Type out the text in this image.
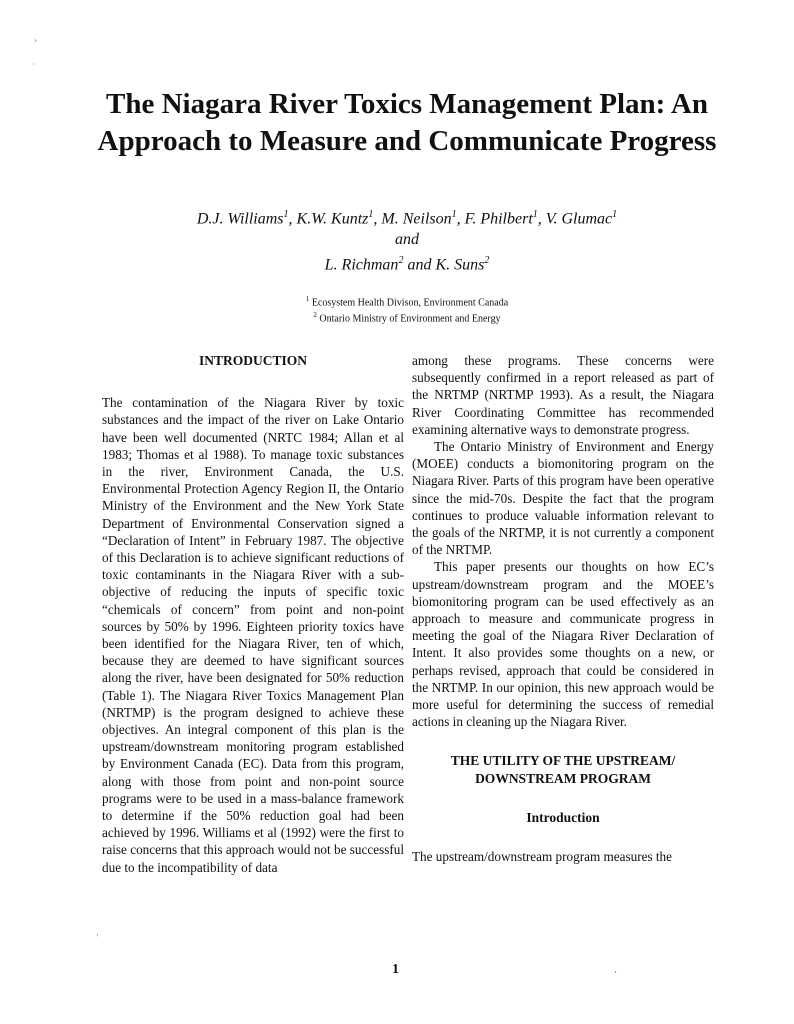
›
·
‚
·
The Niagara River Toxics Management Plan: An Approach to Measure and Communicate Progress
D.J. Williams$^1$, K.W. Kuntz$^1$, M. Neilson$^1$, F. Philbert$^1$, V. Glumac$^1$
and
L. Richman$^2$ and K. Suns$^2$
$^1$ Ecosystem Health Divison, Environment Canada
$^2$ Ontario Ministry of Environment and Energy

INTRODUCTION

The contamination of the Niagara River by toxic substances and the impact of the river on Lake Ontario have been well documented (NRTC 1984; Allan et al 1983; Thomas et al 1988). To manage toxic substances in the river, Environment Canada, the U.S. Environmental Protection Agency Region II, the Ontario Ministry of the Environment and the New York State Department of Environmental Conservation signed a “Declaration of Intent” in February 1987. The objective of this Declaration is to achieve significant reductions of toxic contaminants in the Niagara River with a sub-objective of reducing the inputs of specific toxic “chemicals of concern” from point and non-point sources by 50% by 1996. Eighteen priority toxics have been identified for the Niagara River, ten of which, because they are deemed to have significant sources along the river, have been designated for 50% reduction (Table 1). The Niagara River Toxics Management Plan (NRTMP) is the program designed to achieve these objectives. An integral component of this plan is the upstream/downstream monitoring program established by Environment Canada (EC). Data from this program, along with those from point and non-point source programs were to be used in a mass-balance framework to determine if the 50% reduction goal had been achieved by 1996. Williams et al (1992) were the first to raise concerns that this approach would not be successful due to the incompatibility of data

among these programs. These concerns were subsequently confirmed in a report released as part of the NRTMP (NRTMP 1993). As a result, the Niagara River Coordinating Committee has recommended examining alternative ways to demonstrate progress.

The Ontario Ministry of Environment and Energy (MOEE) conducts a biomonitoring program on the Niagara River. Parts of this program have been operative since the mid-70s. Despite the fact that the program continues to produce valuable information relevant to the goals of the NRTMP, it is not currently a component of the NRTMP.

This paper presents our thoughts on how EC’s upstream/downstream program and the MOEE’s biomonitoring program can be used effectively as an approach to measure and communicate progress in meeting the goal of the Niagara River Declaration of Intent. It also provides some thoughts on a new, or perhaps revised, approach that could be considered in the NRTMP. In our opinion, this new approach would be more useful for determining the success of remedial actions in cleaning up the Niagara River.

THE UTILITY OF THE UPSTREAM/
DOWNSTREAM PROGRAM

Introduction

The upstream/downstream program measures the

1
